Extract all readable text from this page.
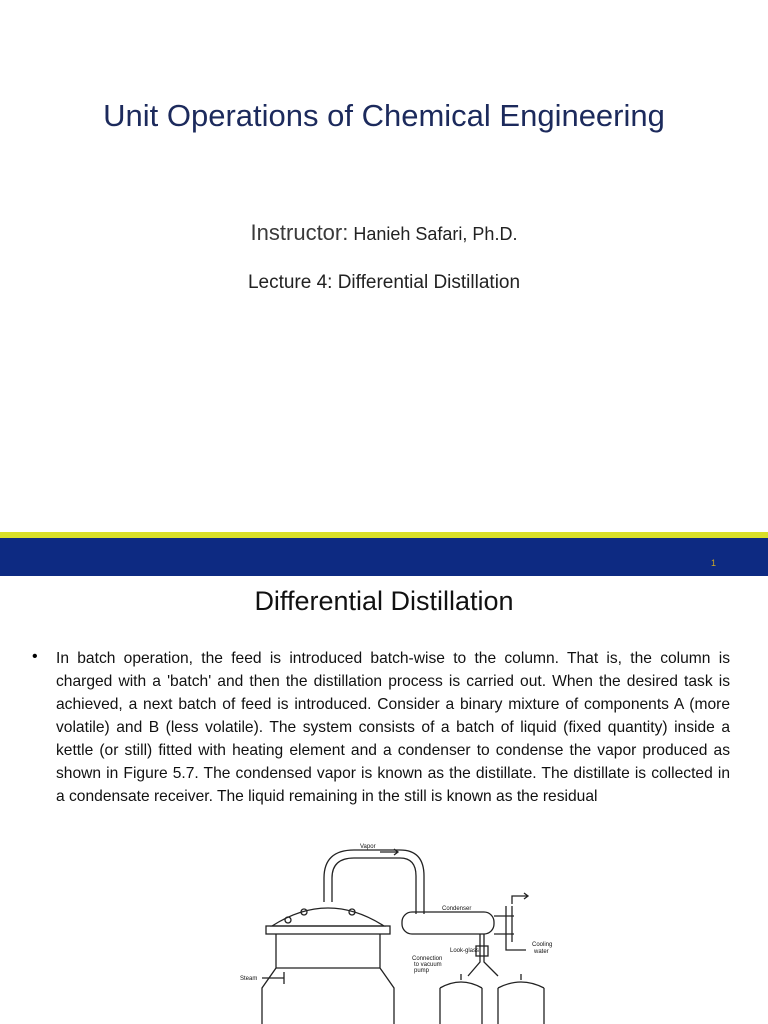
Unit Operations of Chemical Engineering
Instructor: Hanieh Safari, Ph.D.
Lecture 4: Differential Distillation
1
Differential Distillation
• In batch operation, the feed is introduced batch-wise to the column. That is, the column is charged with a 'batch' and then the distillation process is carried out. When the desired task is achieved, a next batch of feed is introduced. Consider a binary mixture of components A (more volatile) and B (less volatile). The system consists of a batch of liquid (fixed quantity) inside a kettle (or still) fitted with heating element and a condenser to condense the vapor produced as shown in Figure 5.7. The condensed vapor is known as the distillate. The distillate is collected in a condensate receiver. The liquid remaining in the still is known as the residual
Vapor
Condenser
Cooling
water
Look-glass
Connection
to vacuum
pump
Steam
